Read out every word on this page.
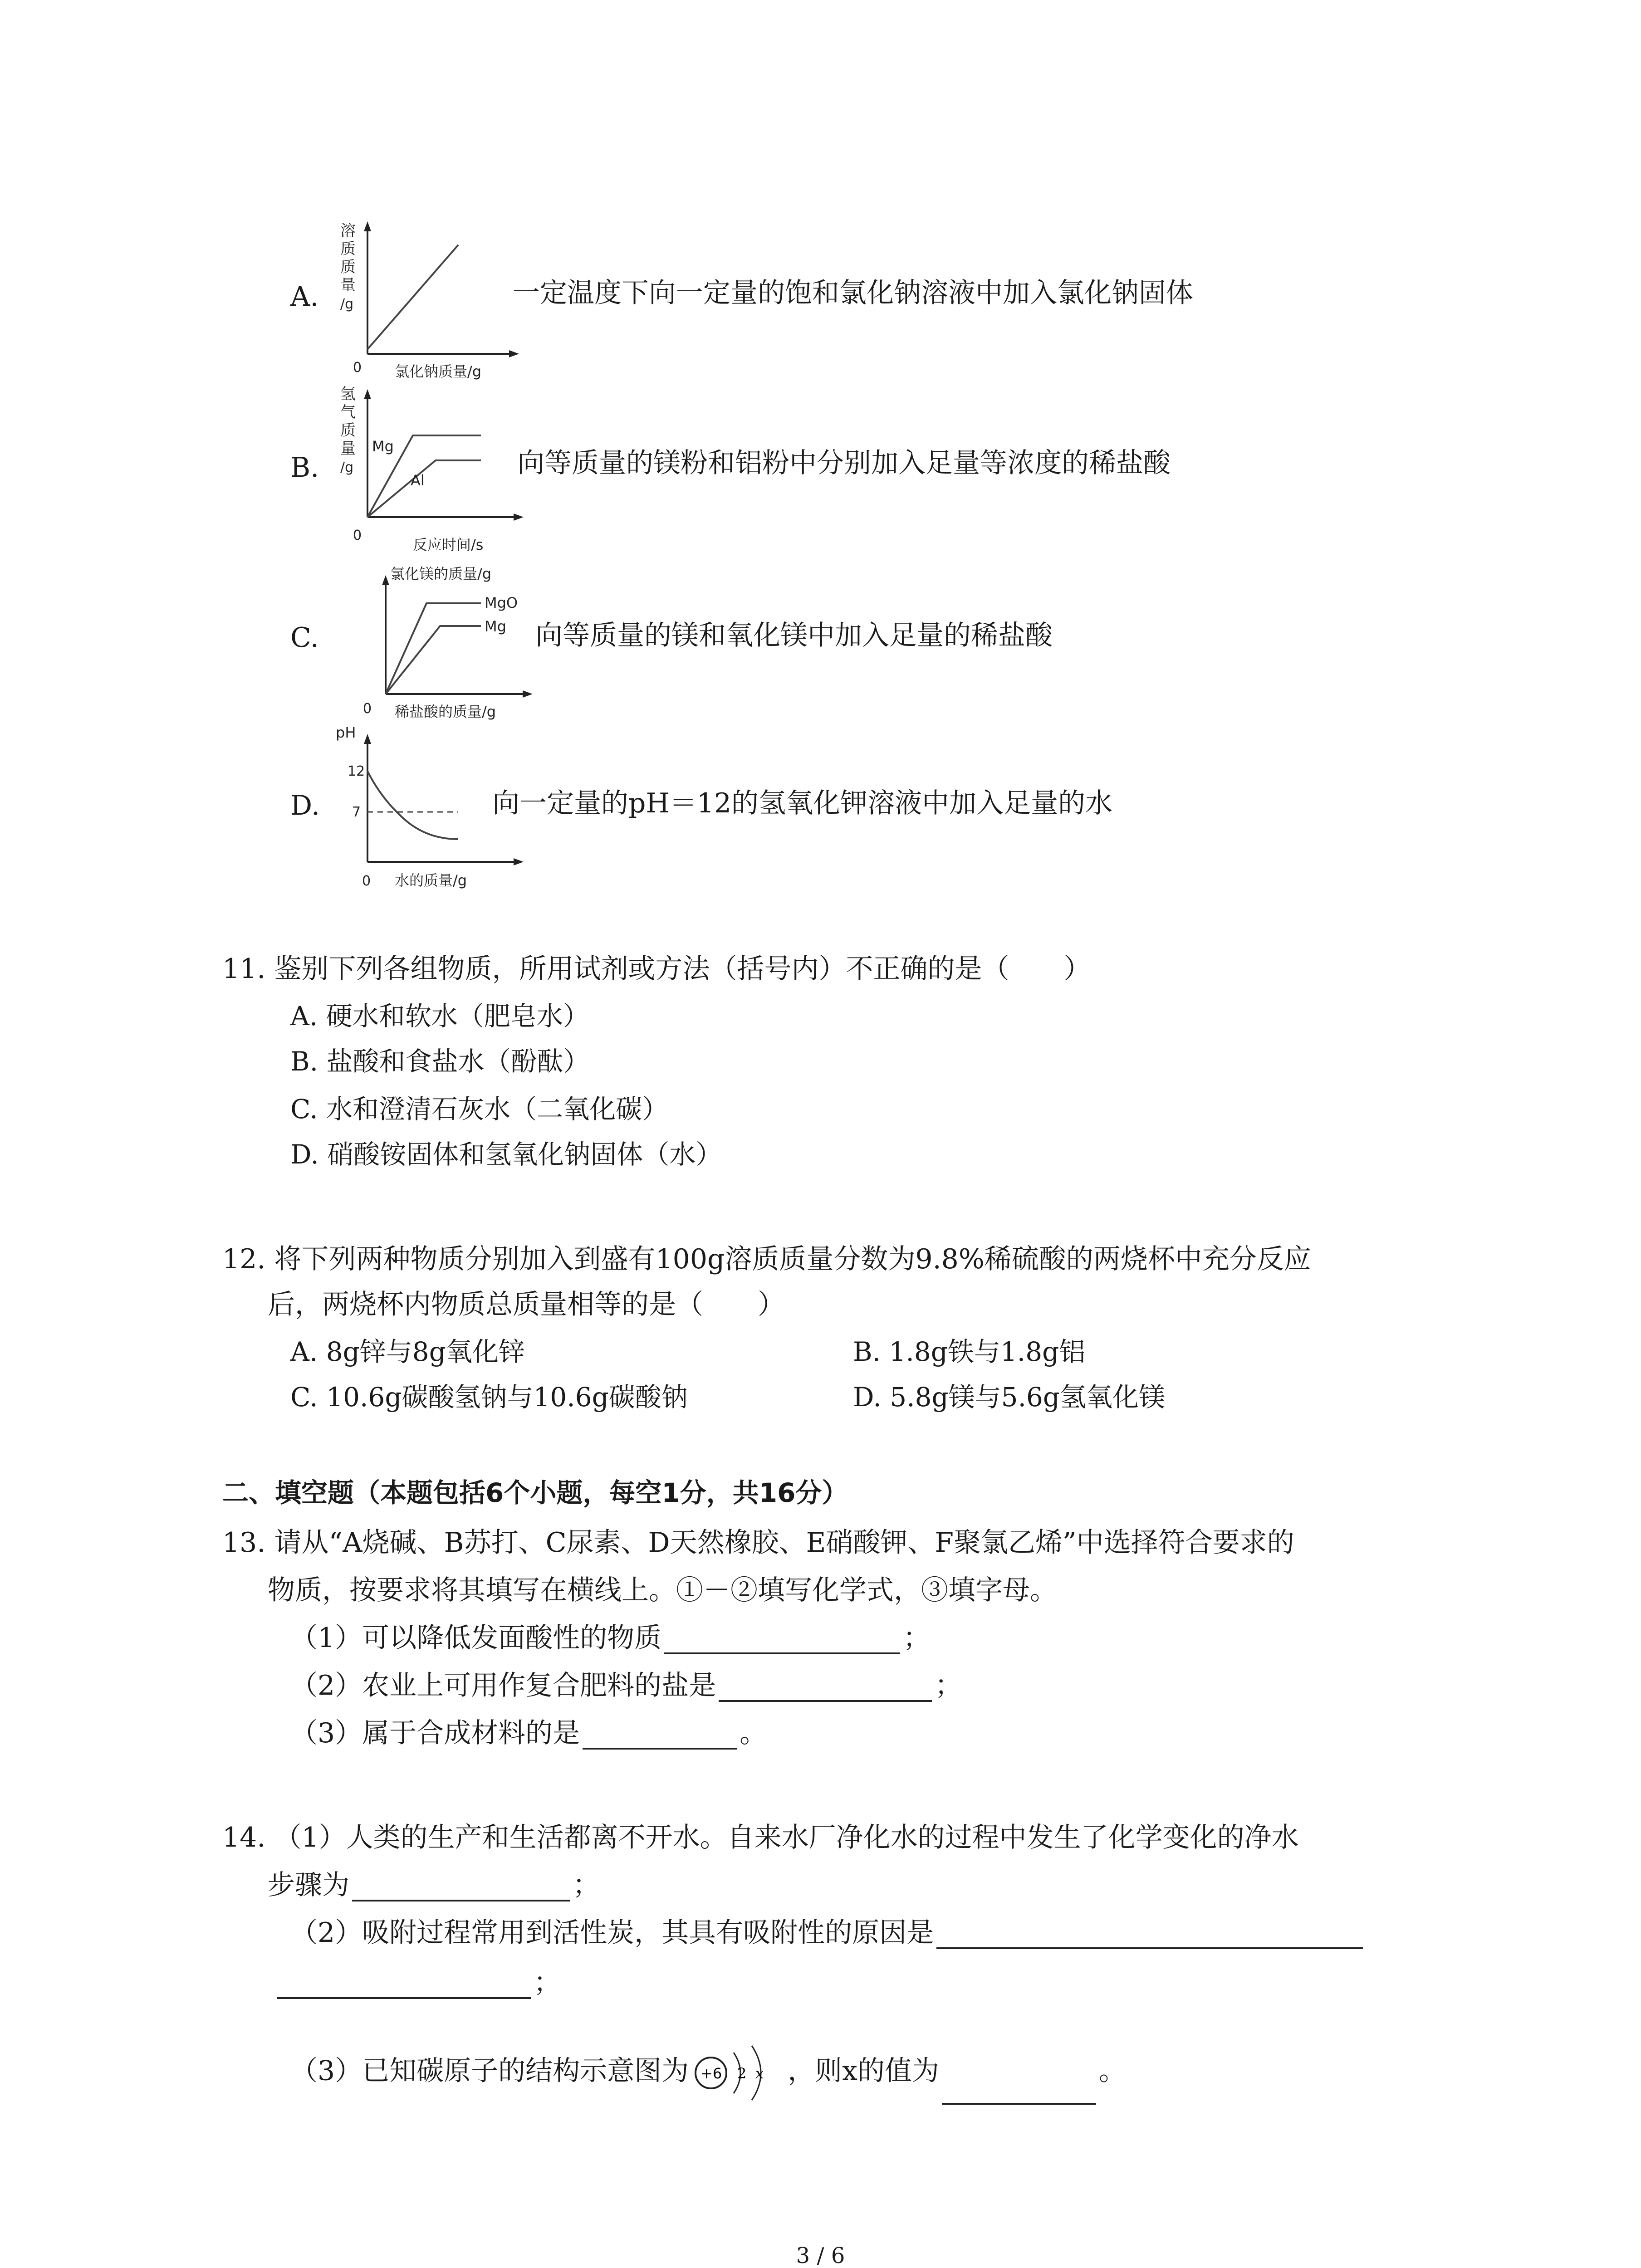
A.
溶
质
质
量
/g
0 氯化钠质量/g
一定温度下向一定量的饱和氯化钠溶液中加入氯化钠固体
B.
氢
气
质
量
/g
Mg
Al
0
反应时间/s
向等质量的镁粉和铝粉中分别加入足量等浓度的稀盐酸
C.
氯化镁的质量/g
MgO
Mg
0 稀盐酸的质量/g
向等质量的镁和氧化镁中加入足量的稀盐酸
D.
pH
12
7
0 水的质量/g
向一定量的pH＝12的氢氧化钾溶液中加入足量的水
11. 鉴别下列各组物质，所用试剂或方法（括号内）不正确的是（　　）
A. 硬水和软水（肥皂水）
B. 盐酸和食盐水（酚酞）
C. 水和澄清石灰水（二氧化碳）
D. 硝酸铵固体和氢氧化钠固体（水）
12. 将下列两种物质分别加入到盛有100g溶质质量分数为9.8%稀硫酸的两烧杯中充分反应
后，两烧杯内物质总质量相等的是（　　）
A. 8g锌与8g氧化锌	B. 1.8g铁与1.8g铝
C. 10.6g碳酸氢钠与10.6g碳酸钠	D. 5.8g镁与5.6g氢氧化镁
二、填空题（本题包括6个小题，每空1分，共16分）
13. 请从“A烧碱、B苏打、C尿素、D天然橡胶、E硝酸钾、F聚氯乙烯”中选择符合要求的
物质，按要求将其填写在横线上。①－②填写化学式，③填字母。
（1）可以降低发面酸性的物质	；
（2）农业上可用作复合肥料的盐是	；
（3）属于合成材料的是	。
14. （1）人类的生产和生活都离不开水。自来水厂净化水的过程中发生了化学变化的净水
步骤为	；
（2）吸附过程常用到活性炭，其具有吸附性的原因是
；
（3）已知碳原子的结构示意图为 +6 2 x ，则x的值为	。
3 / 6
